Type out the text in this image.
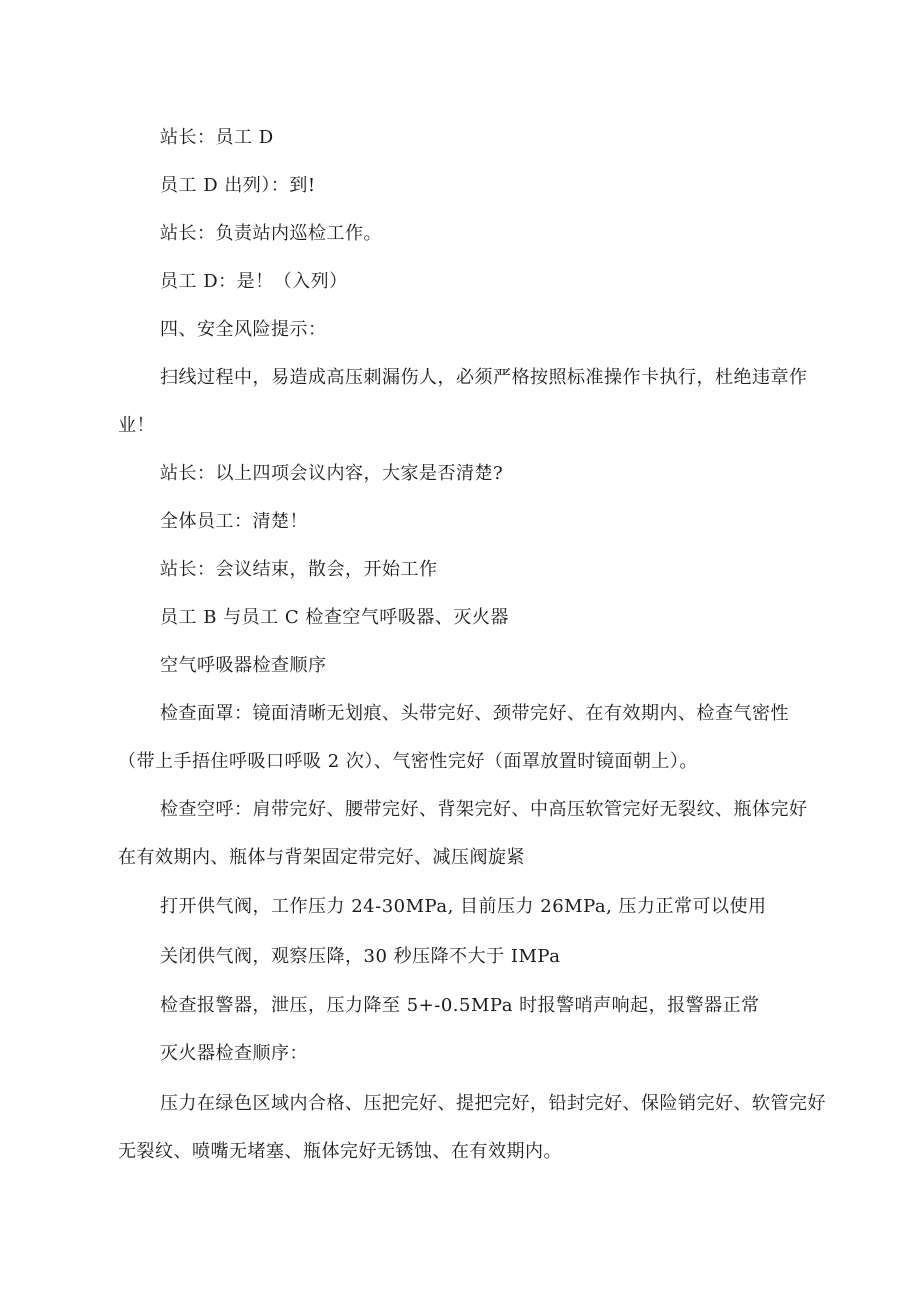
站长：员工 D
员工 D 出列）：到!
站长：负责站内巡检工作。
员工 D：是！（入列）
四、安全风险提示：
扫线过程中，易造成高压刺漏伤人，必须严格按照标准操作卡执行，杜绝违章作
业！
站长：以上四项会议内容，大家是否清楚?
全体员工：清楚！
站长：会议结束，散会，开始工作
员工 B 与员工 C 检查空气呼吸器、灭火器
空气呼吸器检查顺序
检查面罩：镜面清晰无划痕、头带完好、颈带完好、在有效期内、检查气密性
（带上手捂住呼吸口呼吸 2 次）、气密性完好（面罩放置时镜面朝上）。
检查空呼：肩带完好、腰带完好、背架完好、中高压软管完好无裂纹、瓶体完好
在有效期内、瓶体与背架固定带完好、减压阀旋紧
打开供气阀，工作压力 24-30MPa, 目前压力 26MPa, 压力正常可以使用
关闭供气阀，观察压降，30 秒压降不大于 IMPa
检查报警器，泄压，压力降至 5+-0.5MPa 时报警哨声响起，报警器正常
灭火器检查顺序：
压力在绿色区域内合格、压把完好、提把完好，铅封完好、保险销完好、软管完好
无裂纹、喷嘴无堵塞、瓶体完好无锈蚀、在有效期内。
